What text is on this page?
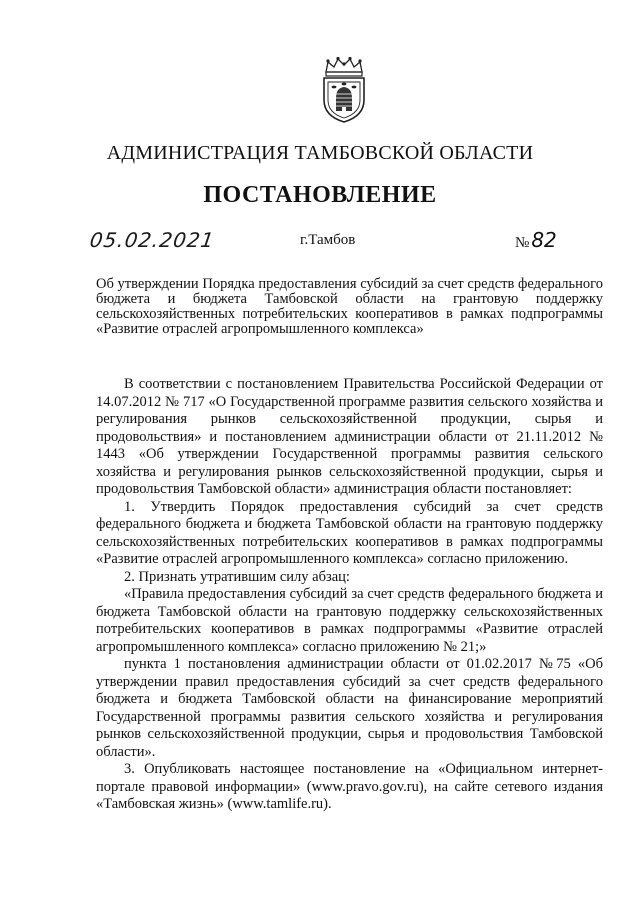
АДМИНИСТРАЦИЯ ТАМБОВСКОЙ ОБЛАСТИ
ПОСТАНОВЛЕНИЕ
05.02.2021	г.Тамбов	№ 82
Об утверждении Порядка предоставления субсидий за счет средств федерального бюджета и бюджета Тамбовской области на грантовую поддержку сельскохозяйственных потребительских кооперативов в рамках подпрограммы «Развитие отраслей агропромышленного комплекса»

В соответствии с постановлением Правительства Российской Федерации от 14.07.2012 № 717 «О Государственной программе развития сельского хозяйства и регулирования рынков сельскохозяйственной продукции, сырья и продовольствия» и постановлением администрации области от 21.11.2012 № 1443 «Об утверждении Государственной программы развития сельского хозяйства и регулирования рынков сельскохозяйственной продукции, сырья и продовольствия Тамбовской области» администрация области постановляет:

1. Утвердить Порядок предоставления субсидий за счет средств федерального бюджета и бюджета Тамбовской области на грантовую поддержку сельскохозяйственных потребительских кооперативов в рамках подпрограммы «Развитие отраслей агропромышленного комплекса» согласно приложению.

2. Признать утратившим силу абзац:

«Правила предоставления субсидий за счет средств федерального бюджета и бюджета Тамбовской области на грантовую поддержку сельскохозяйственных потребительских кооперативов в рамках подпрограммы «Развитие отраслей агропромышленного комплекса» согласно приложению № 21;»

пункта 1 постановления администрации области от 01.02.2017 №75 «Об утверждении правил предоставления субсидий за счет средств федерального бюджета и бюджета Тамбовской области на финансирование мероприятий Государственной программы развития сельского хозяйства и регулирования рынков сельскохозяйственной продукции, сырья и продовольствия Тамбовской области».

3. Опубликовать настоящее постановление на «Официальном интернет-портале правовой информации» (www.pravo.gov.ru), на сайте сетевого издания «Тамбовская жизнь» (www.tamlife.ru).
